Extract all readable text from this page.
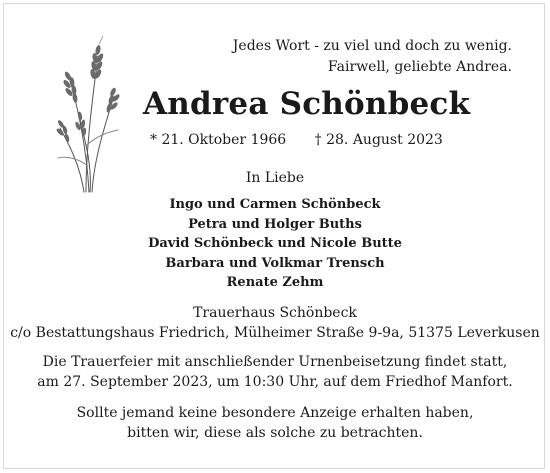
Jedes Wort - zu viel und doch zu wenig.
Fairwell, geliebte Andrea.
Andrea Schönbeck
* 21. Oktober 1966 † 28. August 2023
In Liebe
Ingo und Carmen Schönbeck
Petra und Holger Buths
David Schönbeck und Nicole Butte
Barbara und Volkmar Trensch
Renate Zehm
Trauerhaus Schönbeck
c/o Bestattungshaus Friedrich, Mülheimer Straße 9-9a, 51375 Leverkusen
Die Trauerfeier mit anschließender Urnenbeisetzung findet statt,
am 27. September 2023, um 10:30 Uhr, auf dem Friedhof Manfort.
Sollte jemand keine besondere Anzeige erhalten haben,
bitten wir, diese als solche zu betrachten.
